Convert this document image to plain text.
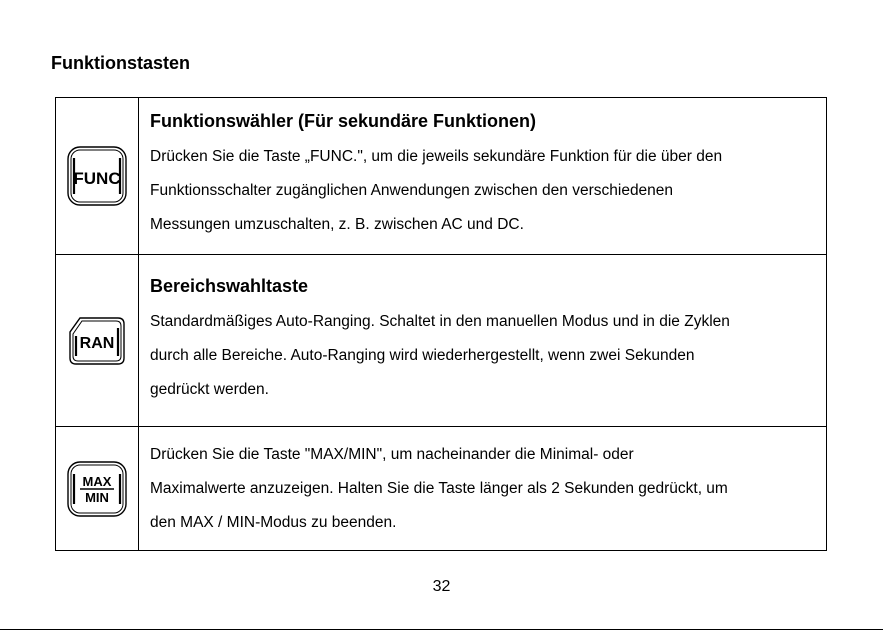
Funktionstasten
FUNC	Funktionswähler (Für sekundäre Funktionen)

Drücken Sie die Taste „FUNC.", um die jeweils sekundäre Funktion für die über den
Funktionsschalter zugänglichen Anwendungen zwischen den verschiedenen
Messungen umzuschalten, z. B. zwischen AC und DC.

RAN	Bereichswahltaste

Standardmäßiges Auto-Ranging. Schaltet in den manuellen Modus und in die Zyklen
durch alle Bereiche. Auto-Ranging wird wiederhergestellt, wenn zwei Sekunden
gedrückt werden.

MAX
MIN	Drücken Sie die Taste "MAX/MIN", um nacheinander die Minimal- oder
Maximalwerte anzuzeigen. Halten Sie die Taste länger als 2 Sekunden gedrückt, um
den MAX / MIN-Modus zu beenden.

32
